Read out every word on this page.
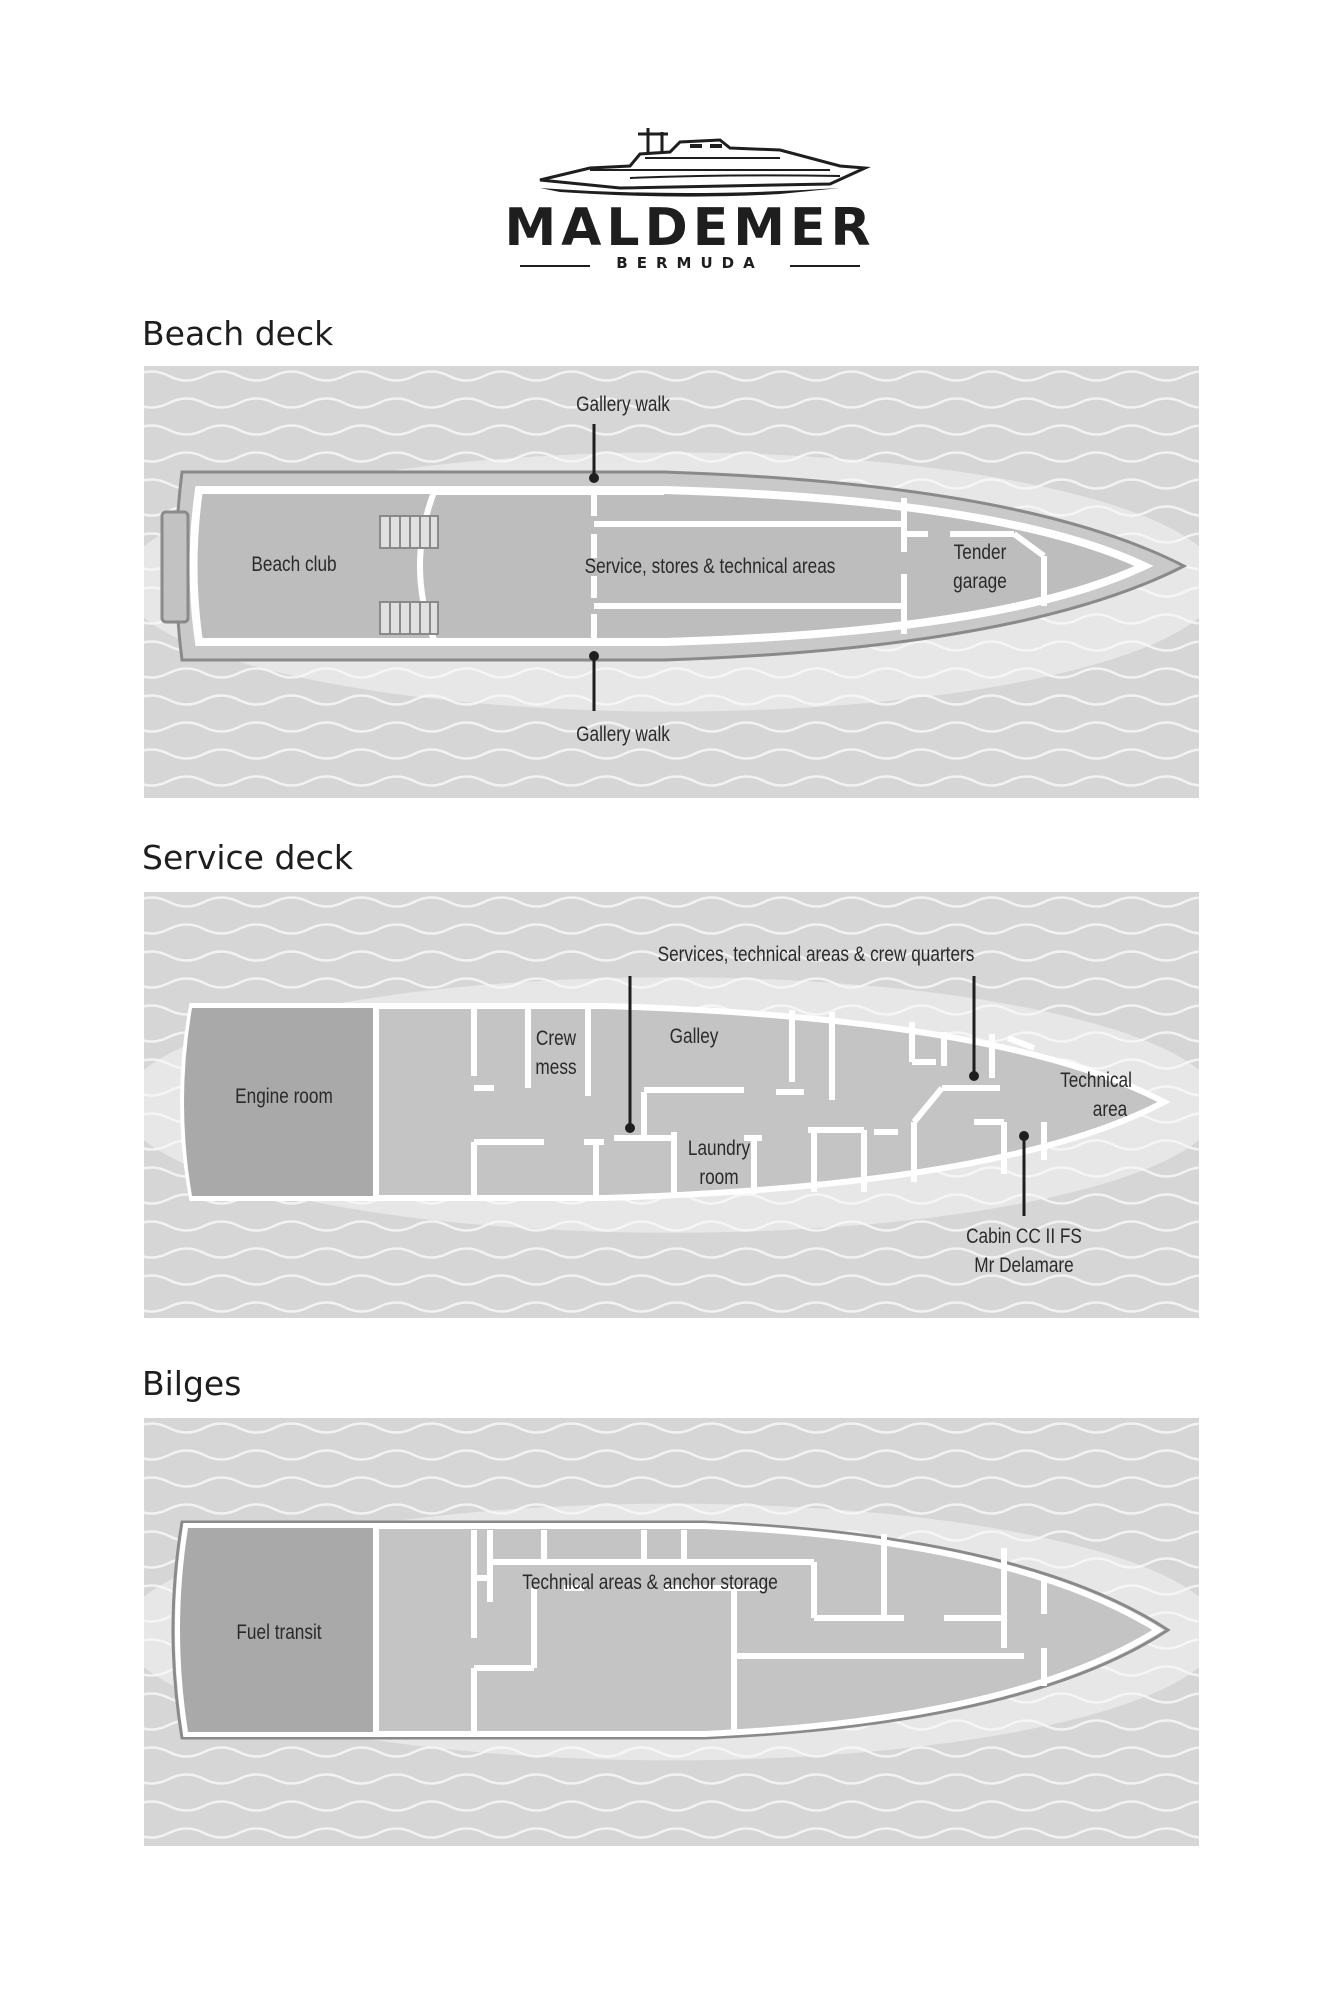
MALDEMER
BERMUDA
Beach deck
Gallery walk
Beach club	Service, stores & technical areas
Tender
garage
Gallery walk
Service deck
Services, technical areas & crew quarters
Engine room
Crew
mess
Galley
Laundry
room
Technical
area
Cabin CC II FS
Mr Delamare
Bilges
Fuel transit
Technical areas & anchor storage
